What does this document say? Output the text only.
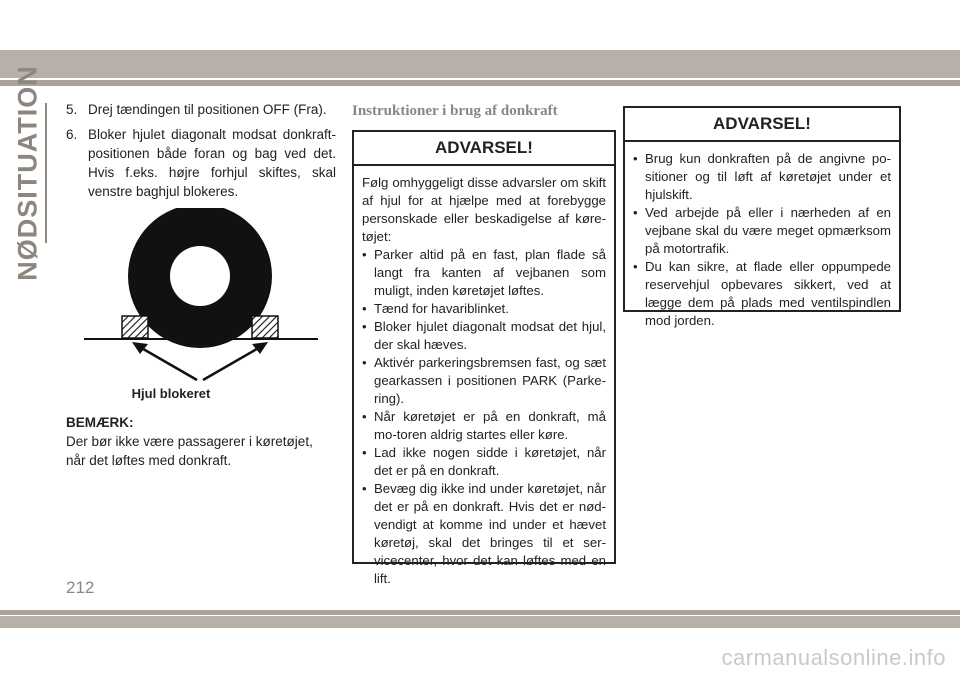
NØDSITUATION 5. Drej tændingen til positionen OFF (Fra).
6. Bloker hjulet diagonalt modsat donkraft-positionen både foran og bag ved det. Hvis f.eks. højre forhjul skiftes, skal venstre baghjul blokeres.
Hjul blokeret
BEMÆRK:
Der bør ikke være passagerer i køretøjet, når det løftes med donkraft.
Instruktioner i brug af donkraft
ADVARSEL!

Følg omhyggeligt disse advarsler om skift af hjul for at hjælpe med at forebygge personskade eller beskadigelse af køre-tøjet:

• Parker altid på en fast, plan flade så langt fra kanten af vejbanen som muligt, inden køretøjet løftes.
• Tænd for havariblinket.
• Bloker hjulet diagonalt modsat det hjul, der skal hæves.
• Aktivér parkeringsbremsen fast, og sæt gearkassen i positionen PARK (Parke-ring).
• Når køretøjet er på en donkraft, må mo-toren aldrig startes eller køre.
• Lad ikke nogen sidde i køretøjet, når det er på en donkraft.
• Bevæg dig ikke ind under køretøjet, når det er på en donkraft. Hvis det er nød-vendigt at komme ind under et hævet køretøj, skal det bringes til et ser-vicecenter, hvor det kan løftes med en lift.
ADVARSEL!
• Brug kun donkraften på de angivne po-sitioner og til løft af køretøjet under et hjulskift.
• Ved arbejde på eller i nærheden af en vejbane skal du være meget opmærksom på motortrafik.
• Du kan sikre, at flade eller oppumpede reservehjul opbevares sikkert, ved at lægge dem på plads med ventilspindlen mod jorden.
212
carmanualsonline.info
